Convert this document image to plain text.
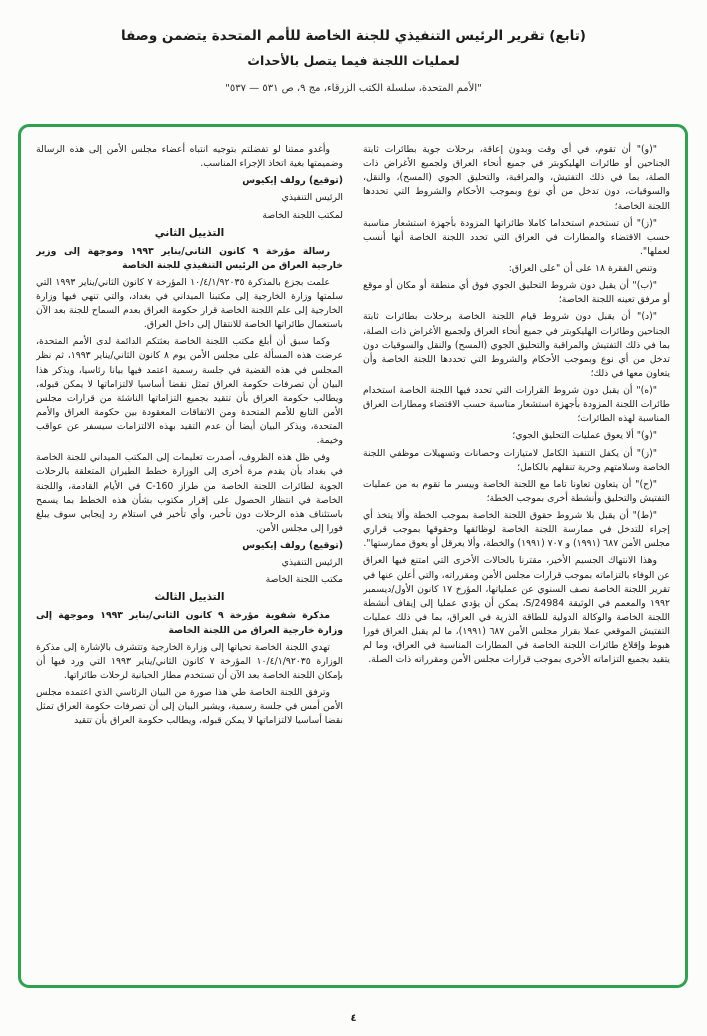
(تابع) تقرير الرئيس التنفيذي للجنة الخاصة للأمم المتحدة يتضمن وصفا
لعمليات اللجنة فيما يتصل بالأحداث
"الأمم المتحدة، سلسلة الكتب الزرقاء، مج ٩، ص ٥٣١ — ٥٣٧"

"(و)" أن تقوم، في أي وقت وبدون إعاقة، برحلات جوية بطائرات ثابتة الجناحين أو طائرات الهليكوبتر في جميع أنحاء العراق ولجميع الأغراض ذات الصلة، بما في ذلك التفتيش، والمراقبة، والتحليق الجوي (المسح)، والنقل، والسوقيات، دون تدخل من أي نوع وبموجب الأحكام والشروط التي تحددها اللجنة الخاصة؛

"(ز)" أن تستخدم استخداما كاملا طائراتها المزودة بأجهزة استشعار مناسبة حسب الاقتضاء والمطارات في العراق التي تحدد اللجنة الخاصة أنها أنسب لعملها".

وتنص الفقرة ١٨ على أن "على العراق:

"(ب)" أن يقبل دون شروط التحليق الجوي فوق أي منطقة أو مكان أو موقع أو مرفق تعينه اللجنة الخاصة؛

"(د)" أن يقبل دون شروط قيام اللجنة الخاصة برحلات بطائرات ثابتة الجناحين وطائرات الهليكوبتر في جميع أنحاء العراق ولجميع الأغراض ذات الصلة، بما في ذلك التفتيش والمراقبة والتحليق الجوي (المسح) والنقل والسوقيات دون تدخل من أي نوع وبموجب الأحكام والشروط التي تحددها اللجنة الخاصة وأن يتعاون معها في ذلك؛

"(ه)" أن يقبل دون شروط القرارات التي تحدد فيها اللجنة الخاصة استخدام طائرات اللجنة المزودة بأجهزة استشعار مناسبة حسب الاقتضاء ومطارات العراق المناسبة لهذه الطائرات؛

"(و)" ألا يعوق عمليات التحليق الجوي؛

"(ز)" أن يكفل التنفيذ الكامل لامتيازات وحصانات وتسهيلات موظفي اللجنة الخاصة وسلامتهم وحرية تنقلهم بالكامل؛

"(ح)" أن يتعاون تعاونا تاما مع اللجنة الخاصة وييسر ما تقوم به من عمليات التفتيش والتحليق وأنشطة أخرى بموجب الخطة؛

"(ط)" أن يقبل بلا شروط حقوق اللجنة الخاصة بموجب الخطة وألا يتخذ أي إجراء للتدخل في ممارسة اللجنة الخاصة لوظائفها وحقوقها بموجب قراري مجلس الأمن ٦٨٧ (١٩٩١) و ٧٠٧ (١٩٩١) والخطة، وألا يعرقل أو يعوق ممارستها".

وهذا الانتهاك الجسيم الأخير، مقترنا بالحالات الأخرى التي امتنع فيها العراق عن الوفاء بالتزاماته بموجب قرارات مجلس الأمن ومقرراته، والتي أعلن عنها في تقرير اللجنة الخاصة نصف السنوي عن عملياتها، المؤرخ ١٧ كانون الأول/ديسمبر ١٩٩٢ والمعمم في الوثيقة S/24984، يمكن أن يؤدي عمليا إلى إيقاف أنشطة اللجنة الخاصة والوكالة الدولية للطاقة الذرية في العراق، بما في ذلك عمليات التفتيش الموقعي عملا بقرار مجلس الأمن ٦٨٧ (١٩٩١)، ما لم يقبل العراق فورا هبوط وإقلاع طائرات اللجنة الخاصة في المطارات المناسبة في العراق، وما لم يتقيد بجميع التزاماته الأخرى بموجب قرارات مجلس الأمن ومقرراته ذات الصلة.

وأغدو ممتنا لو تفضلتم بتوجيه انتباه أعضاء مجلس الأمن إلى هذه الرسالة وضميمتها بغية اتخاذ الإجراء المناسب.

(توقيع) رولف إيكيوس

الرئيس التنفيذي

لمكتب اللجنة الخاصة

التذييل الثاني

رسالة مؤرخة ٩ كانون الثاني/يناير ١٩٩٣ وموجهة إلى وزير خارجية العراق من الرئيس التنفيذي للجنة الخاصة

علمت بجزع بالمذكرة ١٠/٤/١/٩٢٠٣٥ المؤرخة ٧ كانون الثاني/يناير ١٩٩٣ التي سلمتها وزارة الخارجية إلى مكتبنا الميداني في بغداد، والتي تنهي فيها وزارة الخارجية إلى علم اللجنة الخاصة قرار حكومة العراق بعدم السماح للجنة بعد الآن باستعمال طائراتها الخاصة للانتقال إلى داخل العراق.

وكما سبق أن أبلغ مكتب اللجنة الخاصة بعثتكم الدائمة لدى الأمم المتحدة، عرضت هذه المسألة على مجلس الأمن يوم ٨ كانون الثاني/يناير ١٩٩٣، ثم نظر المجلس في هذه القضية في جلسة رسمية اعتمد فيها بيانا رئاسيا، ويذكر هذا البيان أن تصرفات حكومة العراق تمثل نقضا أساسيا لالتزاماتها لا يمكن قبوله، ويطالب حكومة العراق بأن تتقيد بجميع التزاماتها الناشئة من قرارات مجلس الأمن التابع للأمم المتحدة ومن الاتفاقات المعقودة بين حكومة العراق والأمم المتحدة، ويذكر البيان أيضا أن عدم التقيد بهذه الالتزامات سيسفر عن عواقب وخيمة.

وفي ظل هذه الظروف، أصدرت تعليمات إلى المكتب الميداني للجنة الخاصة في بغداد بأن يقدم مرة أخرى إلى الوزارة خطط الطيران المتعلقة بالرحلات الجوية لطائرات اللجنة الخاصة من طراز C-160 في الأيام القادمة، واللجنة الخاصة في انتظار الحصول على إقرار مكتوب بشأن هذه الخطط بما يسمح باستئناف هذه الرحلات دون تأخير، وأي تأخير في استلام رد إيجابي سوف يبلغ فورا إلى مجلس الأمن.

(توقيع) رولف إيكيوس

الرئيس التنفيذي

مكتب اللجنة الخاصة

التذييل الثالث

مذكرة شفوية مؤرخة ٩ كانون الثاني/يناير ١٩٩٣ وموجهة إلى وزارة خارجية العراق من اللجنة الخاصة

تهدي اللجنة الخاصة تحياتها إلى وزارة الخارجية وتتشرف بالإشارة إلى مذكرة الوزارة ١٠/٤/١/٩٢٠٣٥ المؤرخة ٧ كانون الثاني/يناير ١٩٩٣ التي ورد فيها أن بإمكان اللجنة الخاصة بعد الآن أن تستخدم مطار الحبانية لرحلات طائراتها.

وترفق اللجنة الخاصة طي هذا صورة من البيان الرئاسي الذي اعتمده مجلس الأمن أمس في جلسة رسمية، ويشير البيان إلى أن تصرفات حكومة العراق تمثل نقضا أساسيا لالتزاماتها لا يمكن قبوله، ويطالب حكومة العراق بأن تتقيد

٤
